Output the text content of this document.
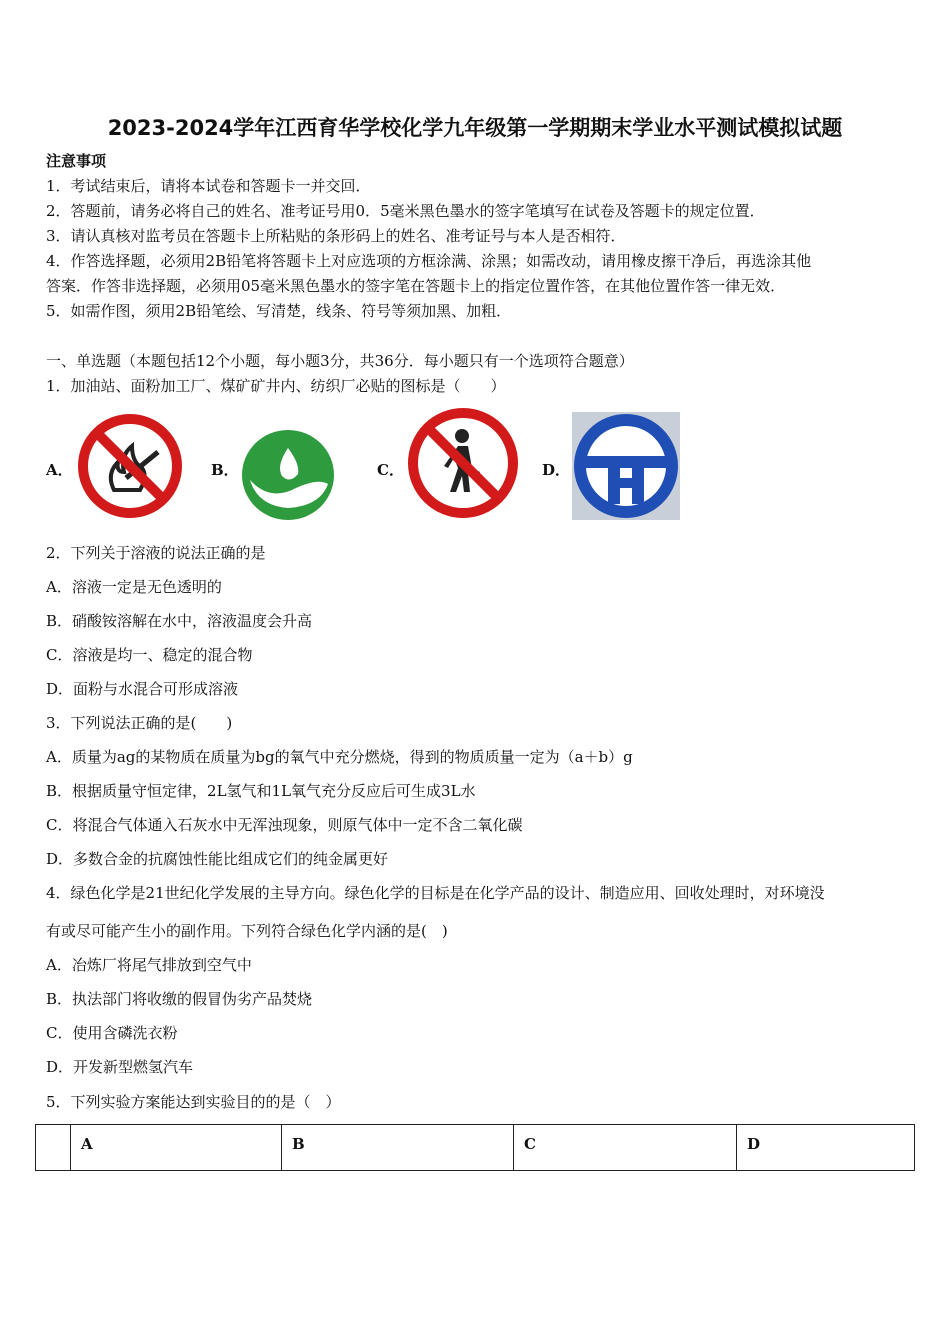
2023-2024学年江西育华学校化学九年级第一学期期末学业水平测试模拟试题
注意事项
1．考试结束后，请将本试卷和答题卡一并交回．
2．答题前，请务必将自己的姓名、准考证号用0．5毫米黑色墨水的签字笔填写在试卷及答题卡的规定位置．
3．请认真核对监考员在答题卡上所粘贴的条形码上的姓名、准考证号与本人是否相符．
4．作答选择题，必须用2B铅笔将答题卡上对应选项的方框涂满、涂黑；如需改动，请用橡皮擦干净后，再选涂其他
答案．作答非选择题，必须用05毫米黑色墨水的签字笔在答题卡上的指定位置作答，在其他位置作答一律无效．
5．如需作图，须用2B铅笔绘、写清楚，线条、符号等须加黑、加粗．
一、单选题（本题包括12个小题，每小题3分，共36分．每小题只有一个选项符合题意）
1．加油站、面粉加工厂、煤矿矿井内、纺织厂必贴的图标是（　　）
A．	B．	C．	D．
2．下列关于溶液的说法正确的是
A．溶液一定是无色透明的
B．硝酸铵溶解在水中，溶液温度会升高
C．溶液是均一、稳定的混合物
D．面粉与水混合可形成溶液
3．下列说法正确的是(　　)
A．质量为ag的某物质在质量为bg的氧气中充分燃烧，得到的物质质量一定为（a＋b）g
B．根据质量守恒定律，2L氢气和1L氧气充分反应后可生成3L水
C．将混合气体通入石灰水中无浑浊现象，则原气体中一定不含二氧化碳
D．多数合金的抗腐蚀性能比组成它们的纯金属更好
4．绿色化学是21世纪化学发展的主导方向。绿色化学的目标是在化学产品的设计、制造应用、回收处理时，对环境没
有或尽可能产生小的副作用。下列符合绿色化学内涵的是(　)
A．冶炼厂将尾气排放到空气中
B．执法部门将收缴的假冒伪劣产品焚烧
C．使用含磷洗衣粉
D．开发新型燃氢汽车
5．下列实验方案能达到实验目的的是（　）
	A	B	C	D
